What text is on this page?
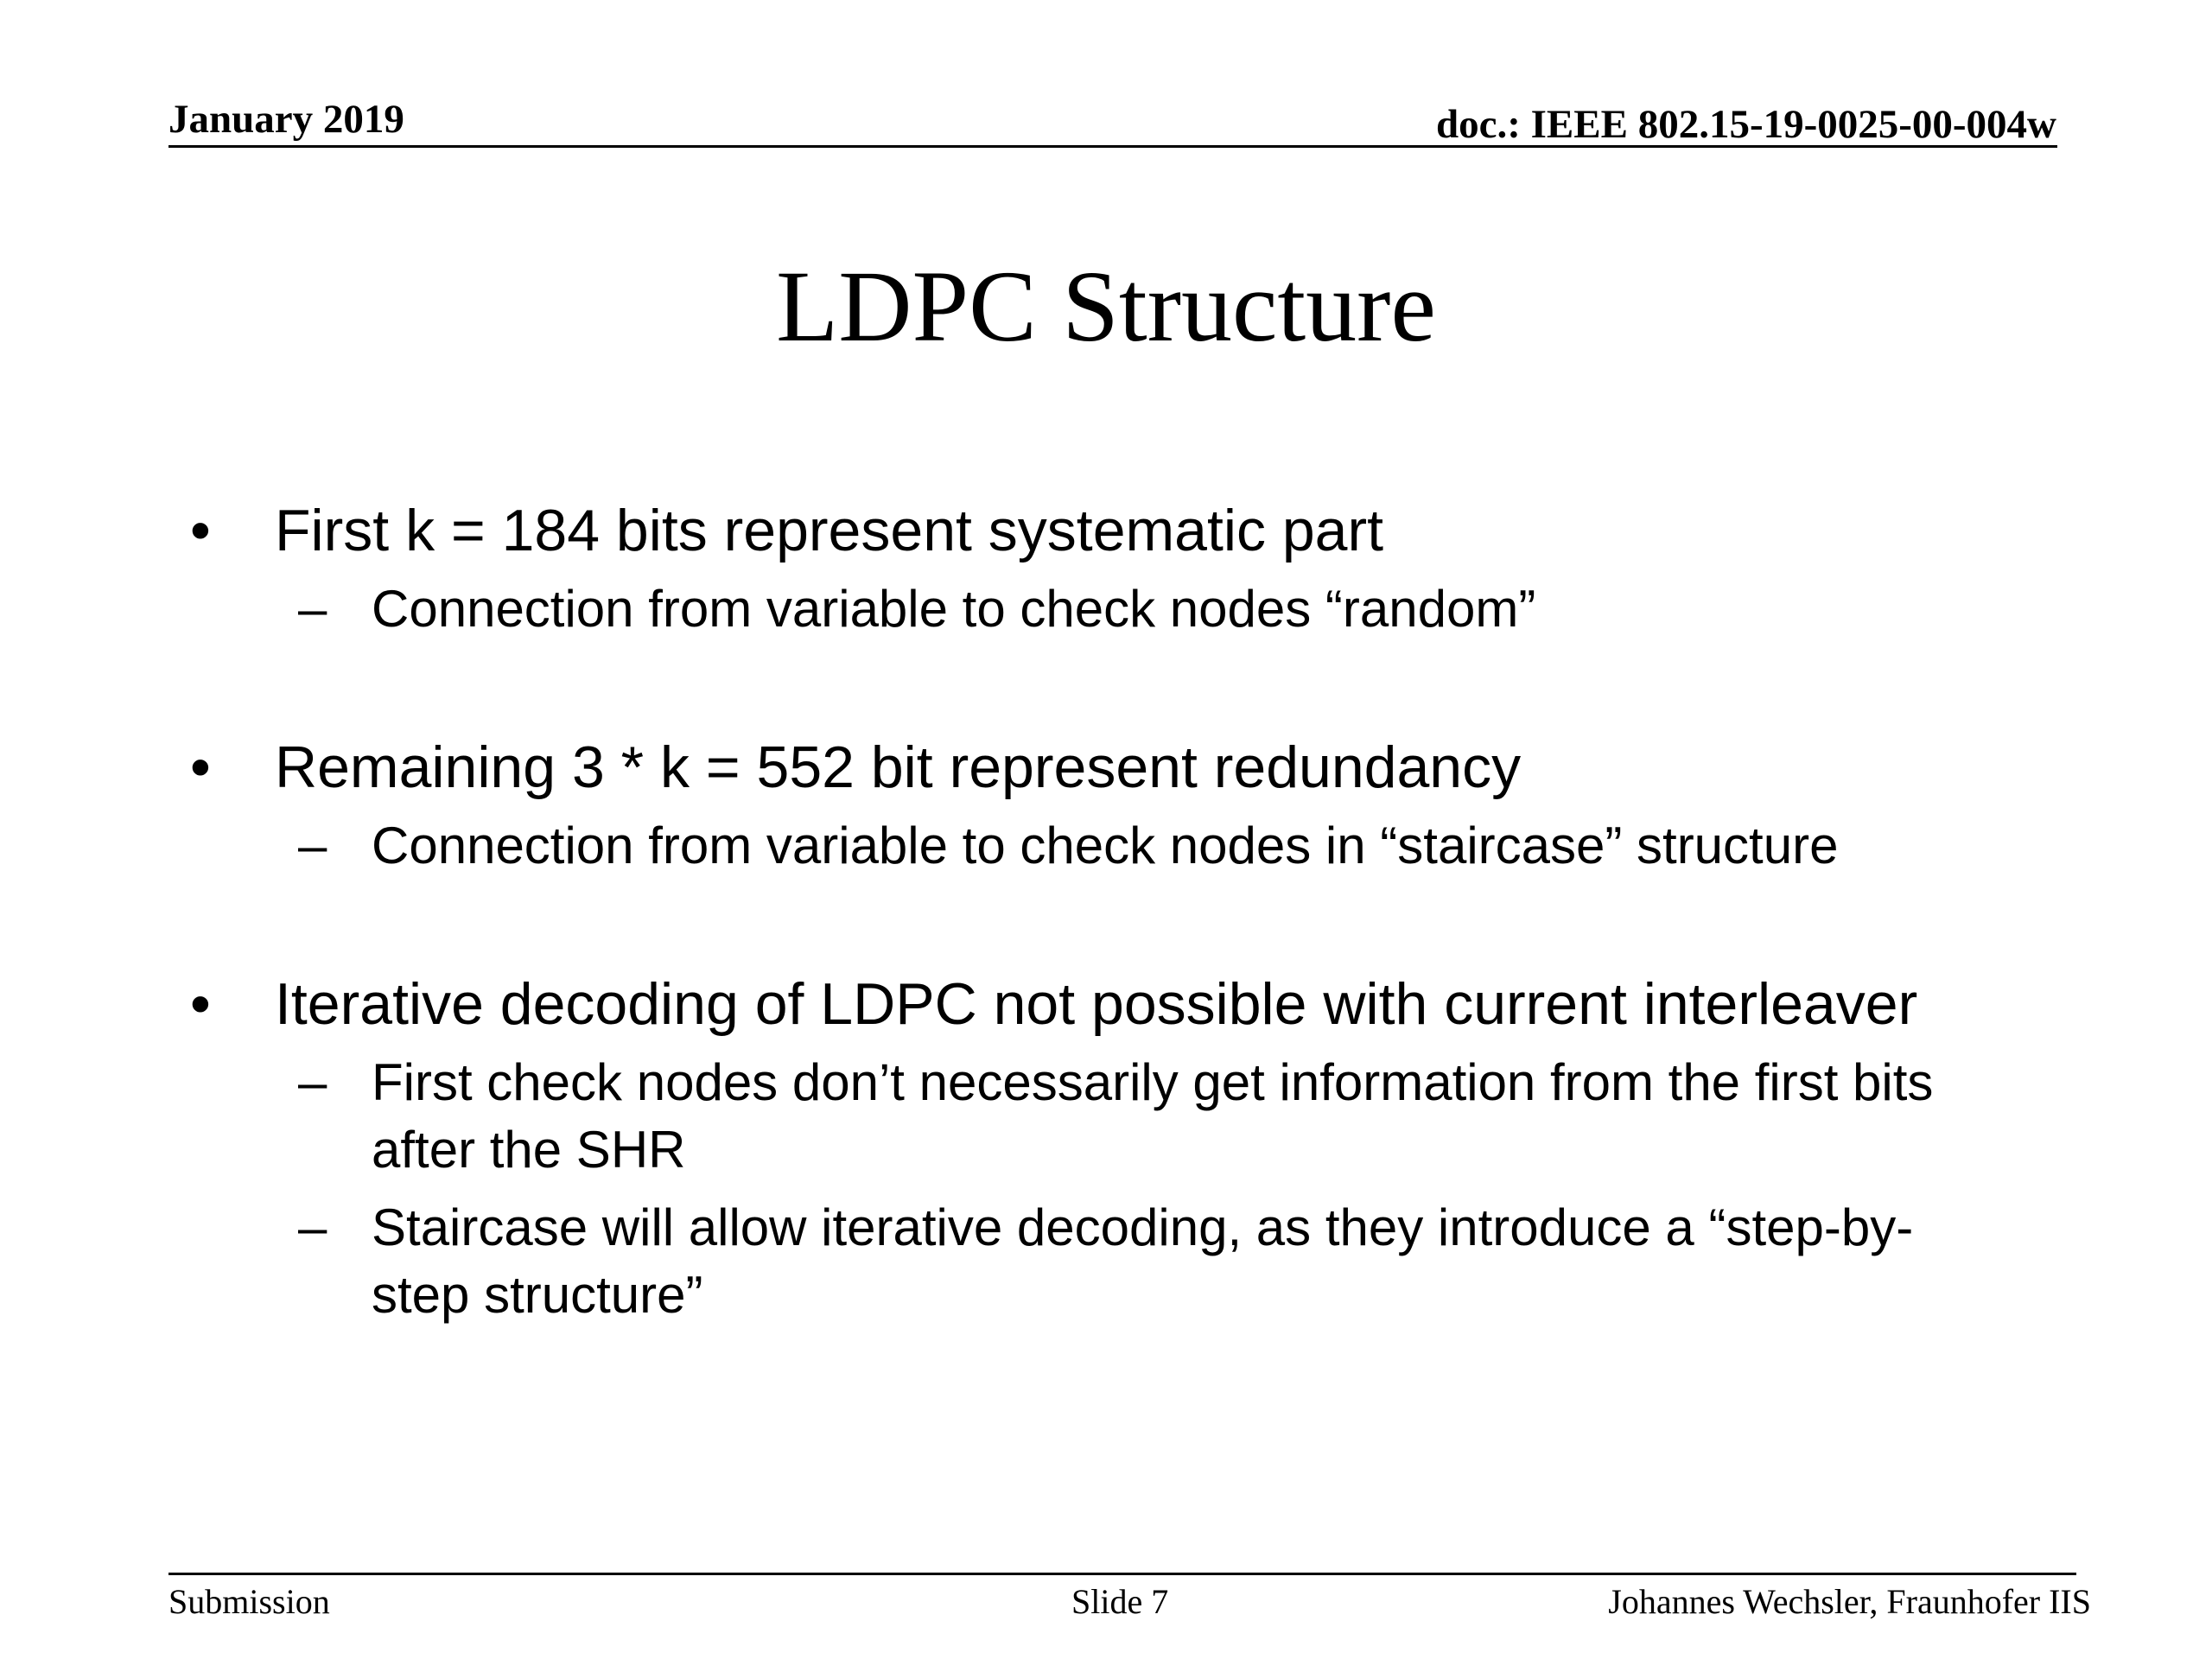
January 2019	doc.: IEEE 802.15-19-0025-00-004w
LDPC Structure
• First k = 184 bits represent systematic part
– Connection from variable to check nodes “random”
• Remaining 3 * k = 552 bit represent redundancy
– Connection from variable to check nodes in “staircase” structure
• Iterative decoding of LDPC not possible with current interleaver
– First check nodes don’t necessarily get information from the first bits after the SHR
– Staircase will allow iterative decoding, as they introduce a “step-by-step structure”
Submission	Slide 7	Johannes Wechsler, Fraunhofer IIS
